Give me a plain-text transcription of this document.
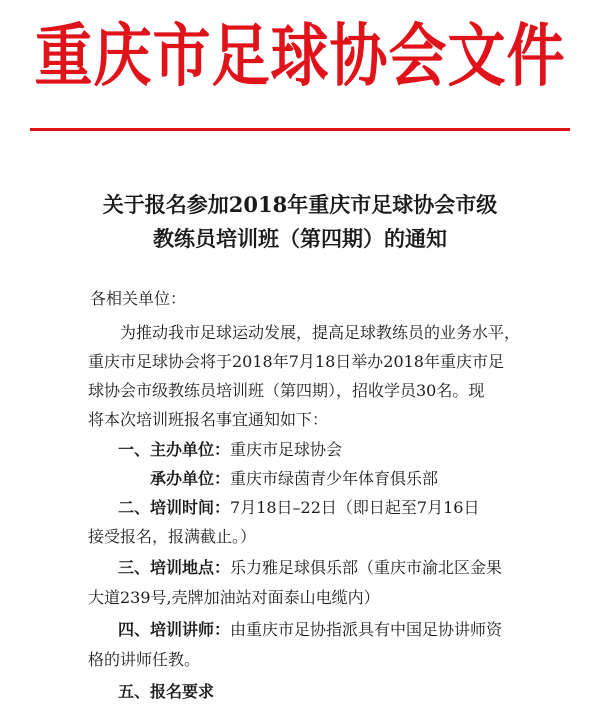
重庆市足球协会文件
关于报名参加2018年重庆市足球协会市级
教练员培训班（第四期）的通知
各相关单位：
为推动我市足球运动发展，提高足球教练员的业务水平，
重庆市足球协会将于2018年7月18日举办2018年重庆市足
球协会市级教练员培训班（第四期），招收学员30名。现
将本次培训班报名事宜通知如下：
一、主办单位：重庆市足球协会
承办单位：重庆市绿茵青少年体育俱乐部
二、培训时间：7月18日–22日（即日起至7月16日
接受报名，报满截止。）
三、培训地点：乐力雅足球俱乐部（重庆市渝北区金果
大道239号,壳牌加油站对面泰山电缆内）
四、培训讲师：由重庆市足协指派具有中国足协讲师资
格的讲师任教。
五、报名要求
